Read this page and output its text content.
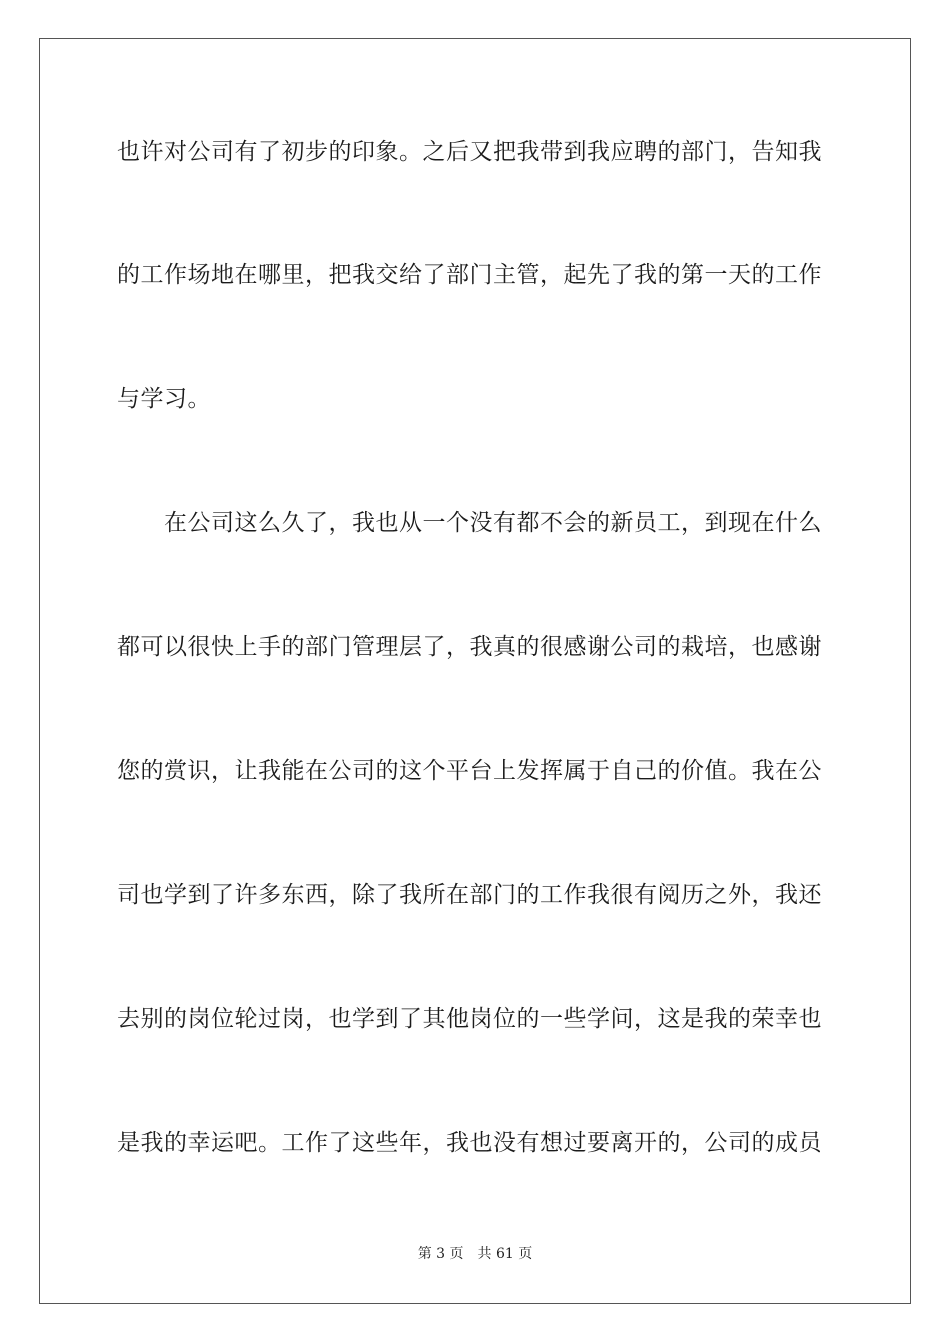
也许对公司有了初步的印象。之后又把我带到我应聘的部门，告知我
的工作场地在哪里，把我交给了部门主管，起先了我的第一天的工作
与学习。
　　在公司这么久了，我也从一个没有都不会的新员工，到现在什么
都可以很快上手的部门管理层了，我真的很感谢公司的栽培，也感谢
您的赏识，让我能在公司的这个平台上发挥属于自己的价值。我在公
司也学到了许多东西，除了我所在部门的工作我很有阅历之外，我还
去别的岗位轮过岗，也学到了其他岗位的一些学问，这是我的荣幸也
是我的幸运吧。工作了这些年，我也没有想过要离开的，公司的成员
第 3 页 共 61 页
